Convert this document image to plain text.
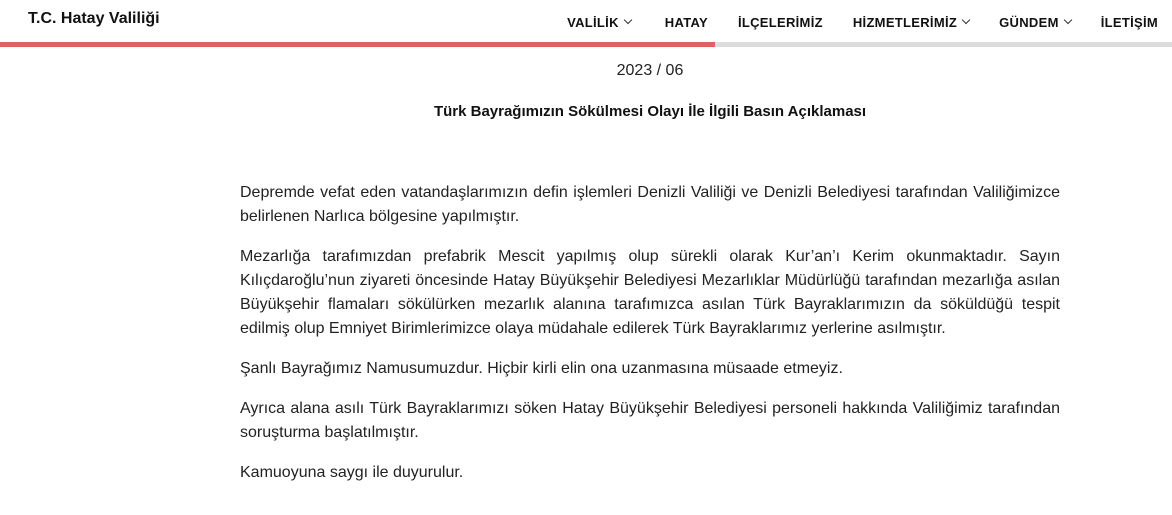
T.C. Hatay Valiliği	VALİLİK	HATAY İLÇELERİMİZ HİZMETLERİMİZ	GÜNDEM	İLETİŞİM
2023 / 06
Türk Bayrağımızın Sökülmesi Olayı İle İlgili Basın Açıklaması

Depremde vefat eden vatandaşlarımızın defin işlemleri Denizli Valiliği ve Denizli Belediyesi tarafından Valiliğimizce belirlenen Narlıca bölgesine yapılmıştır.

Mezarlığa tarafımızdan prefabrik Mescit yapılmış olup sürekli olarak Kur’an’ı Kerim okunmaktadır. Sayın Kılıçdaroğlu’nun ziyareti öncesinde Hatay Büyükşehir Belediyesi Mezarlıklar Müdürlüğü tarafından mezarlığa asılan Büyükşehir flamaları sökülürken mezarlık alanına tarafımızca asılan Türk Bayraklarımızın da söküldüğü tespit edilmiş olup Emniyet Birimlerimizce olaya müdahale edilerek Türk Bayraklarımız yerlerine asılmıştır.

Şanlı Bayrağımız Namusumuzdur. Hiçbir kirli elin ona uzanmasına müsaade etmeyiz.

Ayrıca alana asılı Türk Bayraklarımızı söken Hatay Büyükşehir Belediyesi personeli hakkında Valiliğimiz tarafından soruşturma başlatılmıştır.

Kamuoyuna saygı ile duyurulur.
